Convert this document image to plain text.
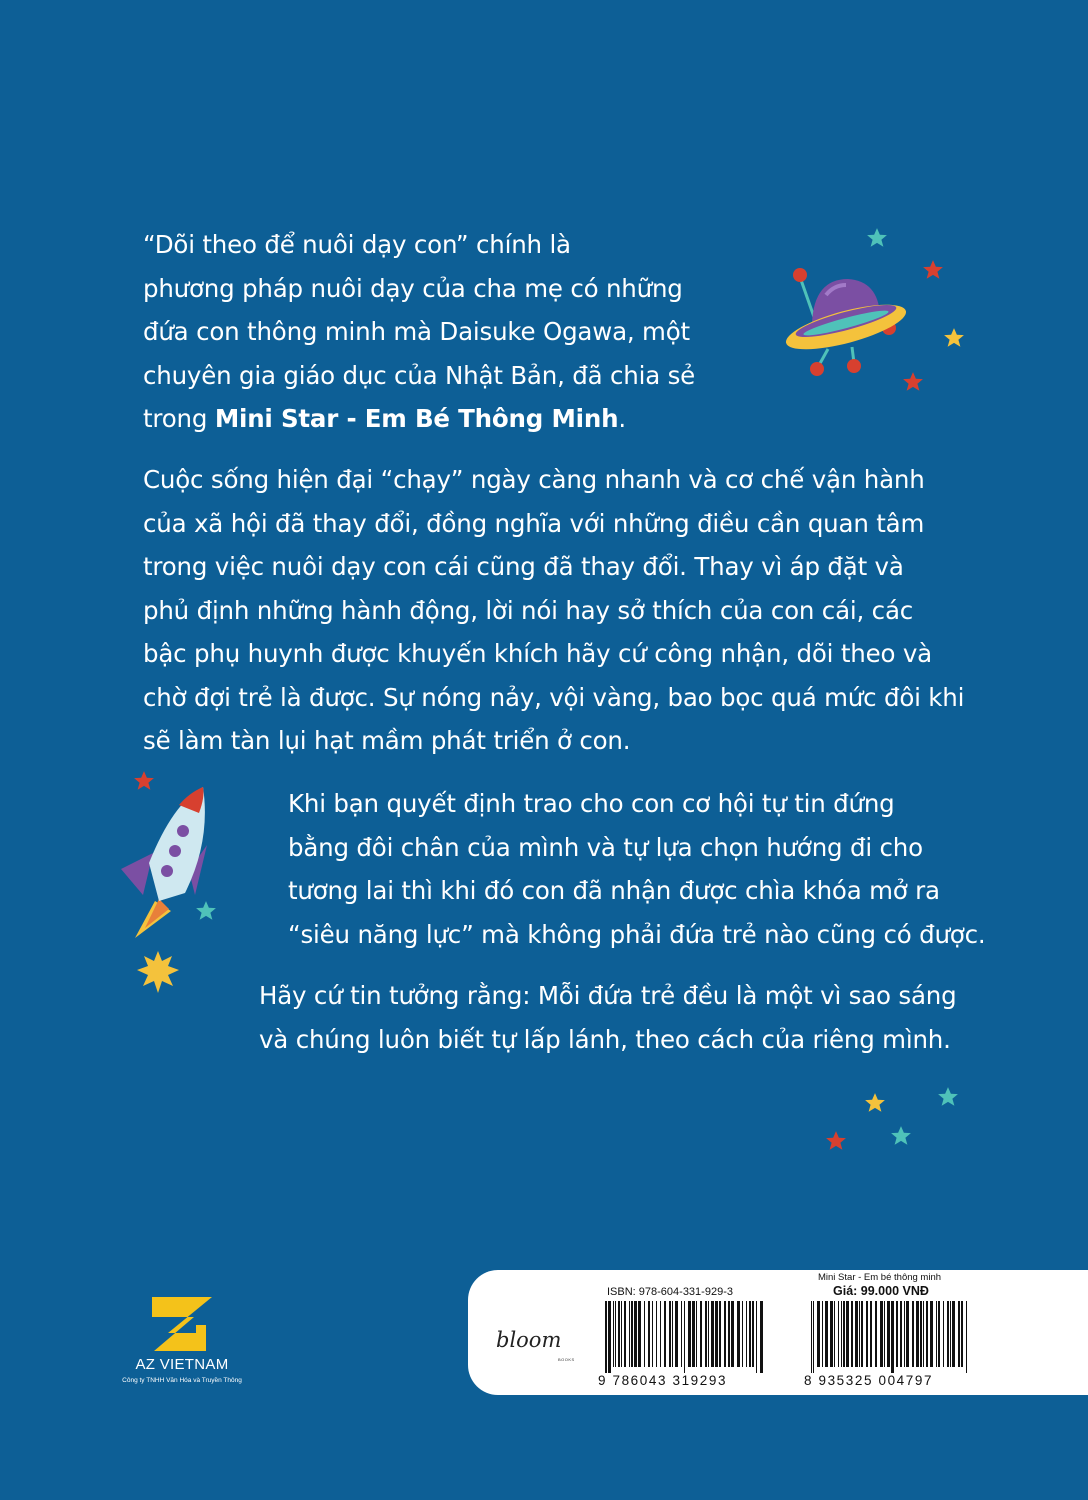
“Dõi theo để nuôi dạy con” chính là
phương pháp nuôi dạy của cha mẹ có những
đứa con thông minh mà Daisuke Ogawa, một
chuyên gia giáo dục của Nhật Bản, đã chia sẻ
trong Mini Star - Em Bé Thông Minh.
Cuộc sống hiện đại “chạy” ngày càng nhanh và cơ chế vận hành
của xã hội đã thay đổi, đồng nghĩa với những điều cần quan tâm
trong việc nuôi dạy con cái cũng đã thay đổi. Thay vì áp đặt và
phủ định những hành động, lời nói hay sở thích của con cái, các
bậc phụ huynh được khuyến khích hãy cứ công nhận, dõi theo và
chờ đợi trẻ là được. Sự nóng nảy, vội vàng, bao bọc quá mức đôi khi
sẽ làm tàn lụi hạt mầm phát triển ở con.
Khi bạn quyết định trao cho con cơ hội tự tin đứng
bằng đôi chân của mình và tự lựa chọn hướng đi cho
tương lai thì khi đó con đã nhận được chìa khóa mở ra
“siêu năng lực” mà không phải đứa trẻ nào cũng có được.
Hãy cứ tin tưởng rằng: Mỗi đứa trẻ đều là một vì sao sáng
và chúng luôn biết tự lấp lánh, theo cách của riêng mình.
AZ VIETNAM
Công ty TNHH Văn Hóa và Truyền Thông
bloom
BOOKS
ISBN: 978-604-331-929-3
Mini Star - Em bé thông minh
Giá: 99.000 VNĐ
9 786043 319293	8 935325 004797
